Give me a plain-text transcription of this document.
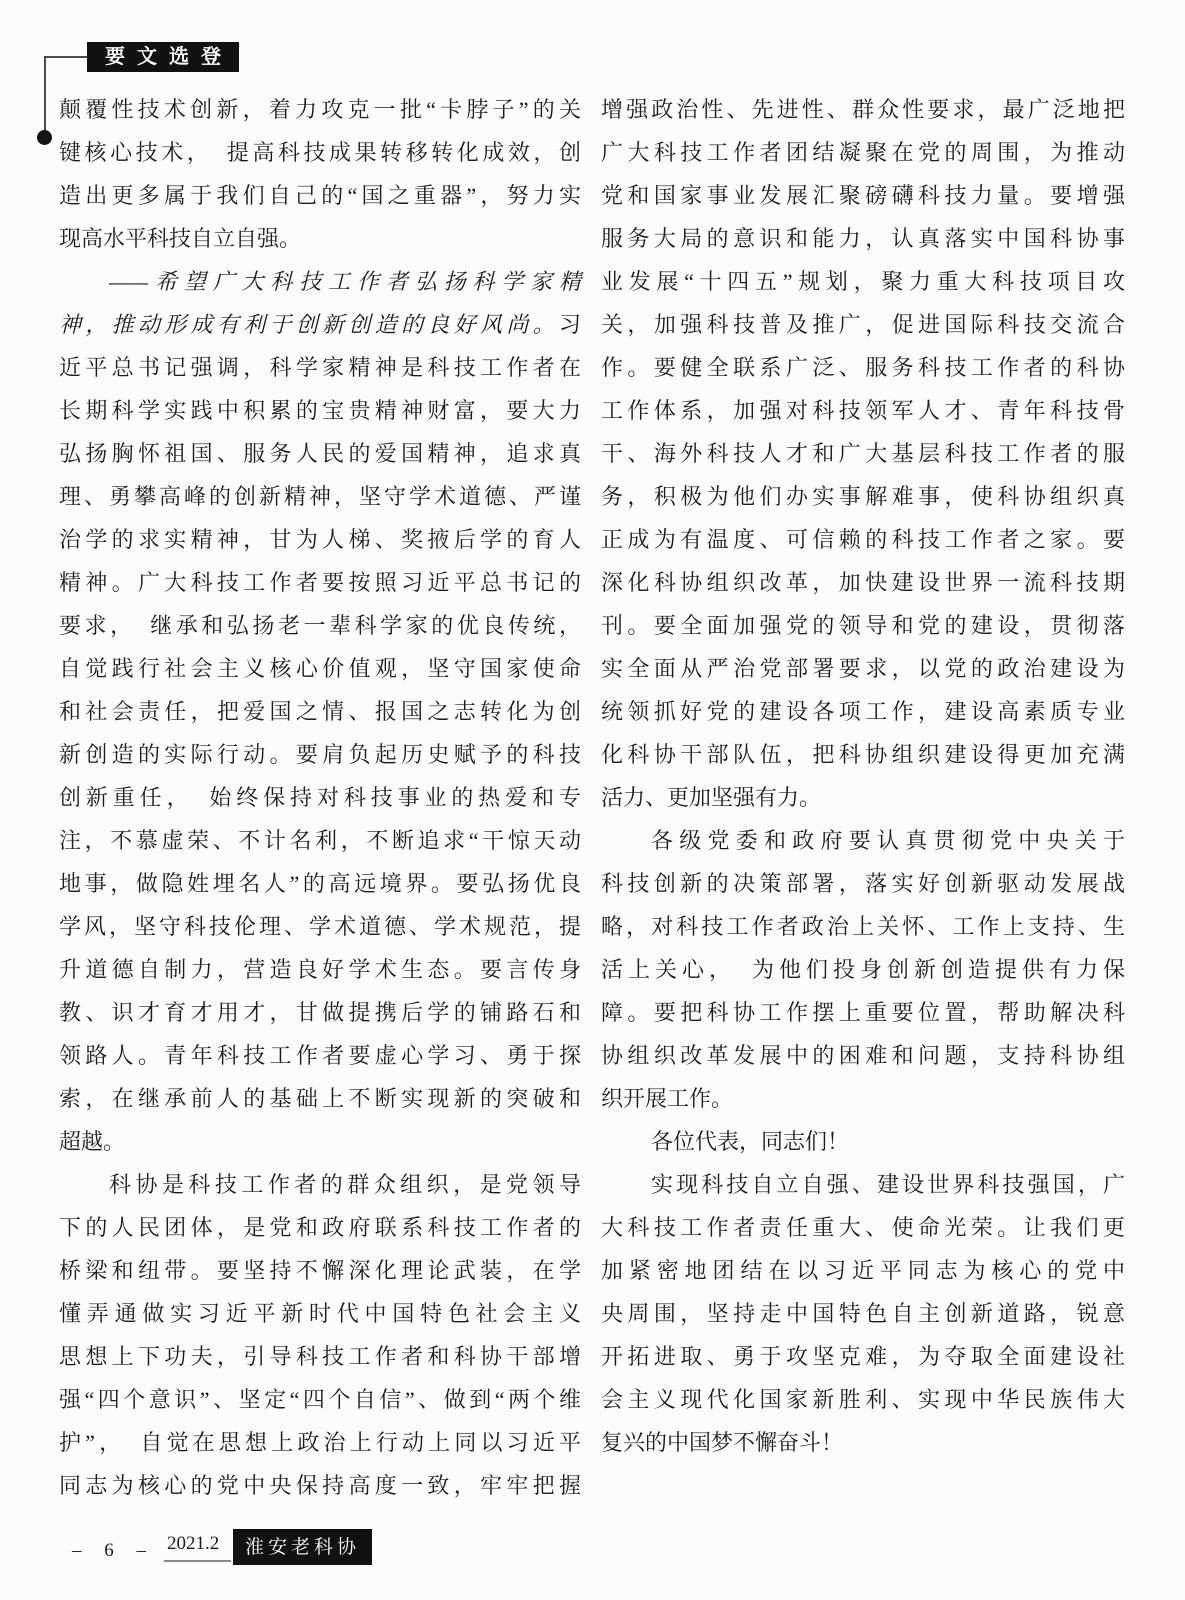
要文选登
颠覆性技术创新，着力攻克一批“卡脖子”的关
键核心技术，　提高科技成果转移转化成效，创
造出更多属于我们自己的“国之重器”，努力实
现高水平科技自立自强。
——希望广大科技工作者弘扬科学家精
神，推动形成有利于创新创造的良好风尚。习
近平总书记强调，科学家精神是科技工作者在
长期科学实践中积累的宝贵精神财富，要大力
弘扬胸怀祖国、服务人民的爱国精神，追求真
理、勇攀高峰的创新精神，坚守学术道德、严谨
治学的求实精神，甘为人梯、奖掖后学的育人
精神。广大科技工作者要按照习近平总书记的
要求，　继承和弘扬老一辈科学家的优良传统，
自觉践行社会主义核心价值观，坚守国家使命
和社会责任，把爱国之情、报国之志转化为创
新创造的实际行动。要肩负起历史赋予的科技
创新重任，　始终保持对科技事业的热爱和专
注，不慕虚荣、不计名利，不断追求“干惊天动
地事，做隐姓埋名人”的高远境界。要弘扬优良
学风，坚守科技伦理、学术道德、学术规范，提
升道德自制力，营造良好学术生态。要言传身
教、识才育才用才，甘做提携后学的铺路石和
领路人。青年科技工作者要虚心学习、勇于探
索，在继承前人的基础上不断实现新的突破和
超越。
科协是科技工作者的群众组织，是党领导
下的人民团体，是党和政府联系科技工作者的
桥梁和纽带。要坚持不懈深化理论武装，在学
懂弄通做实习近平新时代中国特色社会主义
思想上下功夫，引导科技工作者和科协干部增
强“四个意识”、坚定“四个自信”、做到“两个维
护”，　自觉在思想上政治上行动上同以习近平
同志为核心的党中央保持高度一致，牢牢把握
增强政治性、先进性、群众性要求，最广泛地把
广大科技工作者团结凝聚在党的周围，为推动
党和国家事业发展汇聚磅礴科技力量。要增强
服务大局的意识和能力，认真落实中国科协事
业发展“十四五”规划，聚力重大科技项目攻
关，加强科技普及推广，促进国际科技交流合
作。要健全联系广泛、服务科技工作者的科协
工作体系，加强对科技领军人才、青年科技骨
干、海外科技人才和广大基层科技工作者的服
务，积极为他们办实事解难事，使科协组织真
正成为有温度、可信赖的科技工作者之家。要
深化科协组织改革，加快建设世界一流科技期
刊。要全面加强党的领导和党的建设，贯彻落
实全面从严治党部署要求，以党的政治建设为
统领抓好党的建设各项工作，建设高素质专业
化科协干部队伍，把科协组织建设得更加充满
活力、更加坚强有力。
各级党委和政府要认真贯彻党中央关于
科技创新的决策部署，落实好创新驱动发展战
略，对科技工作者政治上关怀、工作上支持、生
活上关心，　为他们投身创新创造提供有力保
障。要把科协工作摆上重要位置，帮助解决科
协组织改革发展中的困难和问题，支持科协组
织开展工作。
各位代表，同志们！
实现科技自立自强、建设世界科技强国，广
大科技工作者责任重大、使命光荣。让我们更
加紧密地团结在以习近平同志为核心的党中
央周围，坚持走中国特色自主创新道路，锐意
开拓进取、勇于攻坚克难，为夺取全面建设社
会主义现代化国家新胜利、实现中华民族伟大
复兴的中国梦不懈奋斗！
– 6 – 2021.2	淮安老科协
